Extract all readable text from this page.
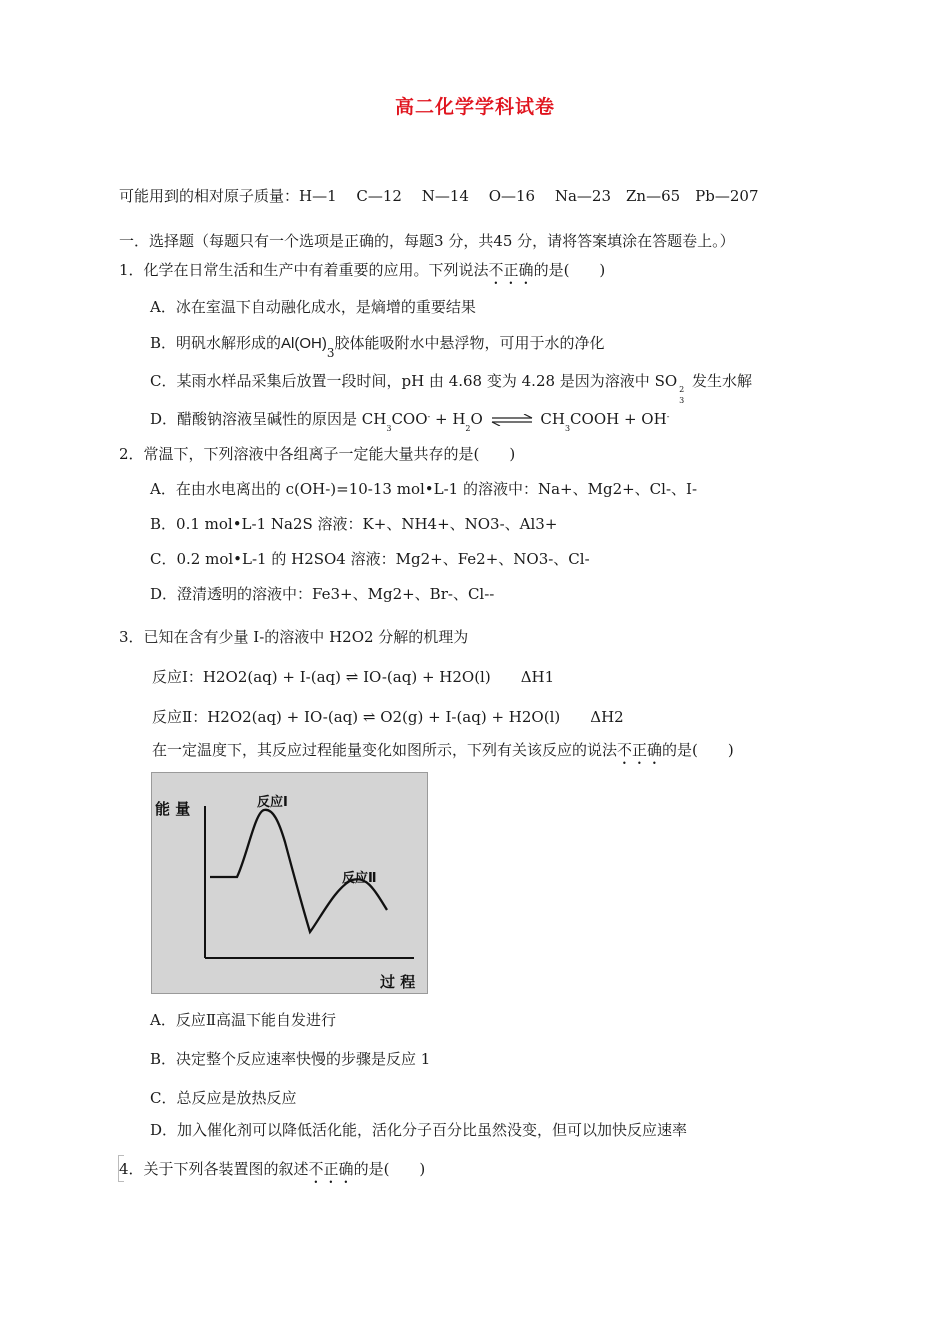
高二化学学科试卷
可能用到的相对原子质量：H—1　 C—12　 N—14　 O—16　 Na—23　Zn—65　Pb—207
一．选择题（每题只有一个选项是正确的，每题3 分，共45 分，请将答案填涂在答题卷上。）
1．化学在日常生活和生产中有着重要的应用。下列说法不正确的是(　　)
A．冰在室温下自动融化成水，是熵增的重要结果
B．明矾水解形成的$Al(OH)_3$胶体能吸附水中悬浮物，可用于水的净化
C．某雨水样品采集后放置一段时间，pH 由 4.68 变为 4.28 是因为溶液中 SO 2
3
发生水解
D．醋酸钠溶液呈碱性的原因是 $CH_3COO^- + H_2O$ ⇌ $CH_3COOH + OH^-$
2．常温下，下列溶液中各组离子一定能大量共存的是(　　)
A．在由水电离出的 c(OH-)=10-13 mol•L-1 的溶液中：Na+、Mg2+、Cl-、I-
B．0.1 mol•L-1 Na2S 溶液：K+、NH4+、NO3-、Al3+
C．0.2 mol•L-1 的 H2SO4 溶液：Mg2+、Fe2+、NO3-、Cl-
D．澄清透明的溶液中：Fe3+、Mg2+、Br-、Cl--
3．已知在含有少量 I-的溶液中 H2O2 分解的机理为
反应Ⅰ：H2O2(aq) + I-(aq) ⇌ IO-(aq) + H2O(l)　　ΔH1
反应Ⅱ：H2O2(aq) + IO-(aq) ⇌ O2(g) + I-(aq) + H2O(l)　　ΔH2
在一定温度下，其反应过程能量变化如图所示，下列有关该反应的说法不正确的是(　　)
能 量
过 程
反应Ⅰ
反应Ⅱ
A．反应Ⅱ高温下能自发进行
B．决定整个反应速率快慢的步骤是反应 1
C．总反应是放热反应
D．加入催化剂可以降低活化能，活化分子百分比虽然没变，但可以加快反应速率
4．关于下列各装置图的叙述不正确的是(　　)
